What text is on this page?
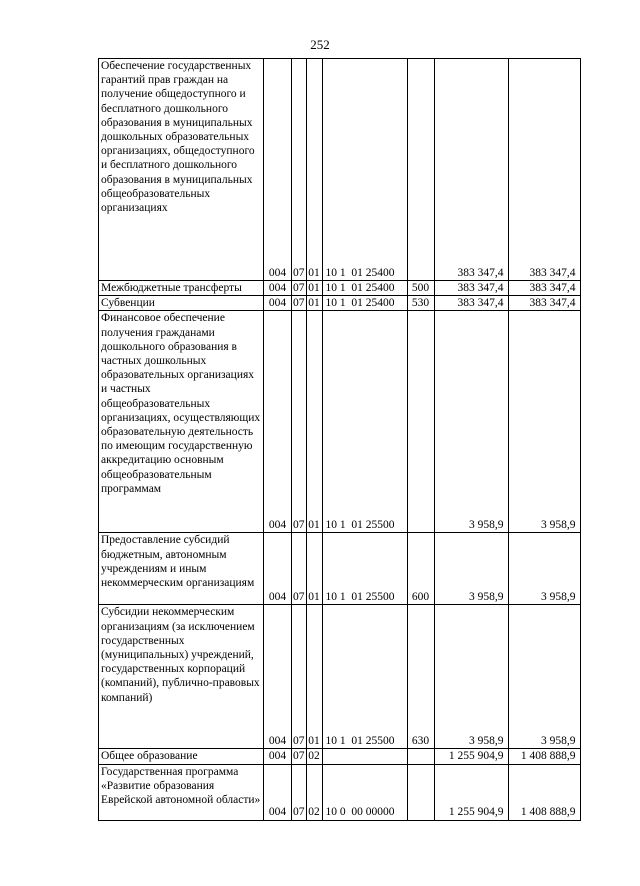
252
Обеспечение государственных гарантий прав граждан на получение общедоступного и бесплатного дошкольного образования в муниципальных дошкольных образовательных организациях, общедоступного и бесплатного дошкольного образования в муниципальных общеобразовательных организациях	004	07	01	10 1  01 25400		383 347,4	383 347,4
Межбюджетные трансферты	004	07	01	10 1  01 25400	500	383 347,4	383 347,4
Субвенции	004	07	01	10 1  01 25400	530	383 347,4	383 347,4
Финансовое обеспечение получения гражданами дошкольного образования в частных дошкольных образовательных организациях и частных общеобразовательных организациях, осуществляющих образовательную деятельность по имеющим государственную аккредитацию основным общеобразовательным программам	004	07	01	10 1  01 25500		3 958,9	3 958,9
Предоставление субсидий бюджетным, автономным учреждениям и иным некоммерческим организациям	004	07	01	10 1  01 25500	600	3 958,9	3 958,9
Субсидии некоммерческим организациям (за исключением государственных (муниципальных) учреждений, государственных корпораций (компаний), публично-правовых компаний)	004	07	01	10 1  01 25500	630	3 958,9	3 958,9
Общее образование	004	07	02			1 255 904,9	1 408 888,9
Государственная программа «Развитие образования Еврейской автономной области»	004	07	02	10 0  00 00000		1 255 904,9	1 408 888,9
